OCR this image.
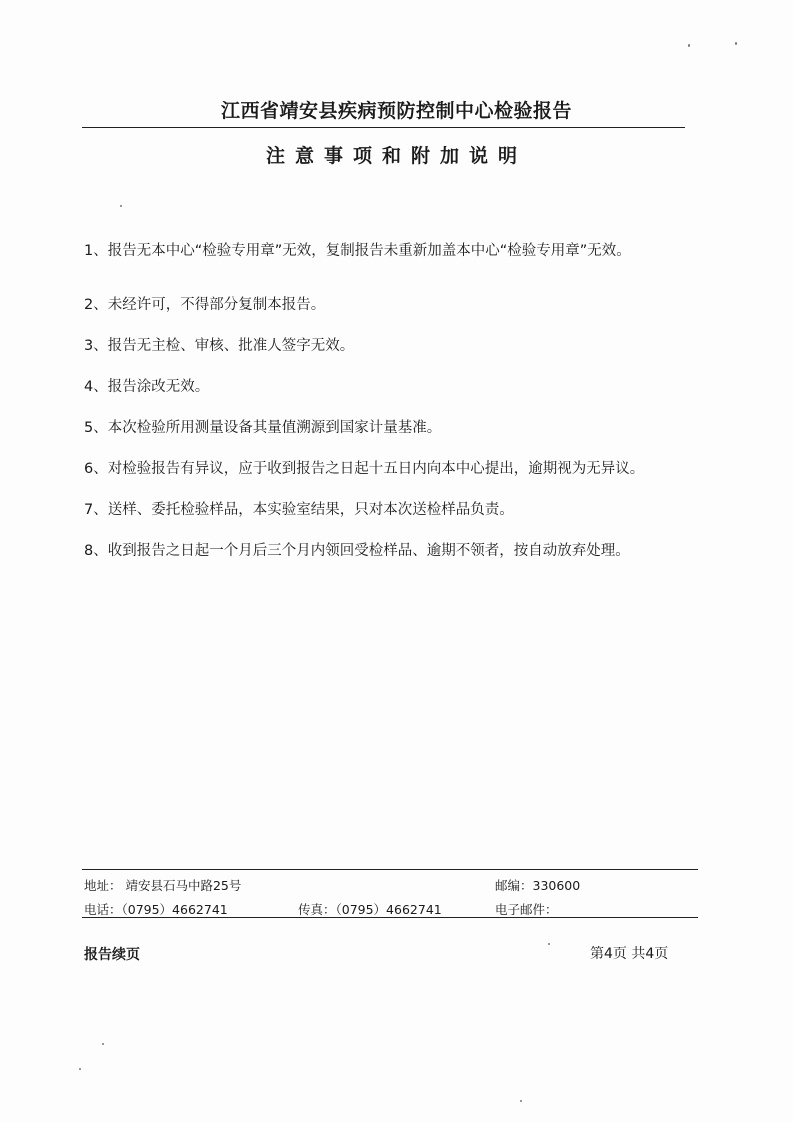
江西省靖安县疾病预防控制中心检验报告
注意事项和附加说明
1、 报告无本中心“检验专用章”无效，复制报告未重新加盖本中心“检验专用章”无效。
2、 未经许可，不得部分复制本报告。
3、 报告无主检、审核、批准人签字无效。
4、 报告涂改无效。
5、 本次检验所用测量设备其量值溯源到国家计量基准。
6、 对检验报告有异议，应于收到报告之日起十五日内向本中心提出，逾期视为无异议。
7、 送样、委托检验样品，本实验室结果，只对本次送检样品负责。
8、 收到报告之日起一个月后三个月内领回受检样品、逾期不领者，按自动放弃处理。
地址： 靖安县石马中路25号	邮编：330600
电话：（0795）4662741	传真：（0795）4662741	电子邮件：
报告续页	第4页 共4页
